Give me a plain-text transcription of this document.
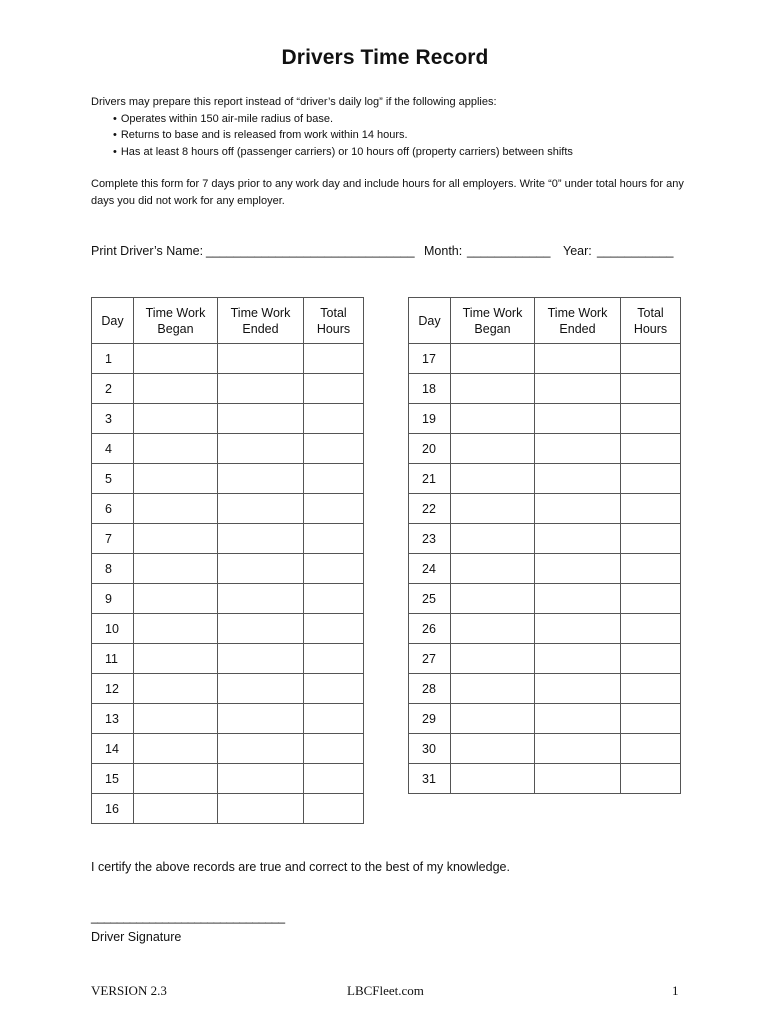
Drivers Time Record
Drivers may prepare this report instead of “driver’s daily log” if the following applies:
• Operates within 150 air-mile radius of base.
• Returns to base and is released from work within 14 hours.
• Has at least 8 hours off (passenger carriers) or 10 hours off (property carriers) between shifts
Complete this form for 7 days prior to any work day and include hours for all employers. Write “0” under total hours for any days you did not work for any employer.
Print Driver’s Name: ______________________________ Month: ____________ Year: ___________
Day	Time Work Began	Time Work Ended	Total Hours
1			
2			
3			
4			
5			
6			
7			
8			
9			
10			
11			
12			
13			
14			
15			
16			
Day	Time Work Began	Time Work Ended	Total Hours
17			
18			
19			
20			
21			
22			
23			
24			
25			
26			
27			
28			
29			
30			
31			
I certify the above records are true and correct to the best of my knowledge.
______________________________
Driver Signature
VERSION 2.3	LBCFleet.com	1
